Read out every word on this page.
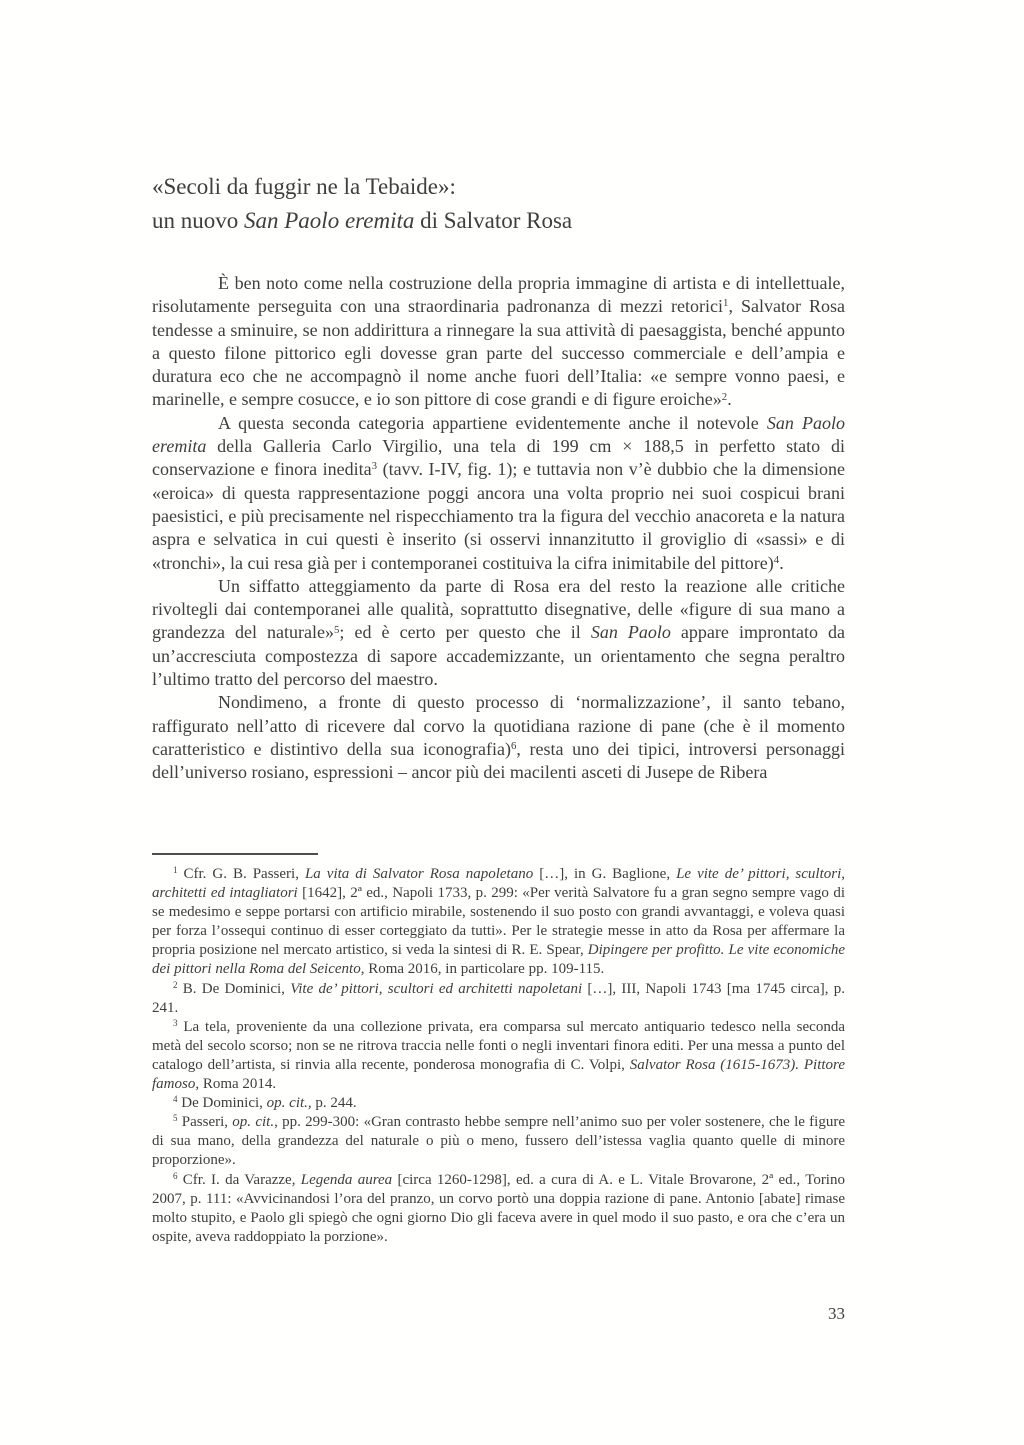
«Secoli da fuggir ne la Tebaide»:
un nuovo San Paolo eremita di Salvator Rosa

È ben noto come nella costruzione della propria immagine di artista e di intellettuale, risolutamente perseguita con una straordinaria padronanza di mezzi retorici$^1$, Salvator Rosa tendesse a sminuire, se non addirittura a rinnegare la sua attività di paesaggista, benché appunto a questo filone pittorico egli dovesse gran parte del successo commerciale e dell’ampia e duratura eco che ne accompagnò il nome anche fuori dell’Italia: «e sempre vonno paesi, e marinelle, e sempre cosucce, e io son pittore di cose grandi e di figure eroiche»$^2$.

A questa seconda categoria appartiene evidentemente anche il notevole San Paolo eremita della Galleria Carlo Virgilio, una tela di 199 cm × 188,5 in perfetto stato di conservazione e finora inedita$^3$ (tavv. I-IV, fig. 1); e tuttavia non v’è dubbio che la dimensione «eroica» di questa rappresentazione poggi ancora una volta proprio nei suoi cospicui brani paesistici, e più precisamente nel rispecchiamento tra la figura del vecchio anacoreta e la natura aspra e selvatica in cui questi è inserito (si osservi innanzitutto il groviglio di «sassi» e di «tronchi», la cui resa già per i contemporanei costituiva la cifra inimitabile del pittore)$^4$.

Un siffatto atteggiamento da parte di Rosa era del resto la reazione alle critiche rivoltegli dai contemporanei alle qualità, soprattutto disegnative, delle «figure di sua mano a grandezza del naturale»$^5$; ed è certo per questo che il San Paolo appare improntato da un’accresciuta compostezza di sapore accademizzante, un orientamento che segna peraltro l’ultimo tratto del percorso del maestro.

Nondimeno, a fronte di questo processo di ‘normalizzazione’, il santo tebano, raffigurato nell’atto di ricevere dal corvo la quotidiana razione di pane (che è il momento caratteristico e distintivo della sua iconografia)$^6$, resta uno dei tipici, introversi personaggi dell’universo rosiano, espressioni – ancor più dei macilenti asceti di Jusepe de Ribera

$^1$ Cfr. G. B. Passeri, La vita di Salvator Rosa napoletano […], in G. Baglione, Le vite de’ pittori, scultori, architetti ed intagliatori [1642], 2ª ed., Napoli 1733, p. 299: «Per verità Salvatore fu a gran segno sempre vago di se medesimo e seppe portarsi con artificio mirabile, sostenendo il suo posto con grandi avvantaggi, e voleva quasi per forza l’ossequi continuo di esser corteggiato da tutti». Per le strategie messe in atto da Rosa per affermare la propria posizione nel mercato artistico, si veda la sintesi di R. E. Spear, Dipingere per profitto. Le vite economiche dei pittori nella Roma del Seicento, Roma 2016, in particolare pp. 109-115.

$^2$ B. De Dominici, Vite de’ pittori, scultori ed architetti napoletani […], III, Napoli 1743 [ma 1745 circa], p. 241.

$^3$ La tela, proveniente da una collezione privata, era comparsa sul mercato antiquario tedesco nella seconda metà del secolo scorso; non se ne ritrova traccia nelle fonti o negli inventari finora editi. Per una messa a punto del catalogo dell’artista, si rinvia alla recente, ponderosa monografia di C. Volpi, Salvator Rosa (1615-1673). Pittore famoso, Roma 2014.

$^4$ De Dominici, op. cit., p. 244.

$^5$ Passeri, op. cit., pp. 299-300: «Gran contrasto hebbe sempre nell’animo suo per voler sostenere, che le figure di sua mano, della grandezza del naturale o più o meno, fussero dell’istessa vaglia quanto quelle di minore proporzione».

$^6$ Cfr. I. da Varazze, Legenda aurea [circa 1260-1298], ed. a cura di A. e L. Vitale Brovarone, 2ª ed., Torino 2007, p. 111: «Avvicinandosi l’ora del pranzo, un corvo portò una doppia razione di pane. Antonio [abate] rimase molto stupito, e Paolo gli spiegò che ogni giorno Dio gli faceva avere in quel modo il suo pasto, e ora che c’era un ospite, aveva raddoppiato la porzione».

33
